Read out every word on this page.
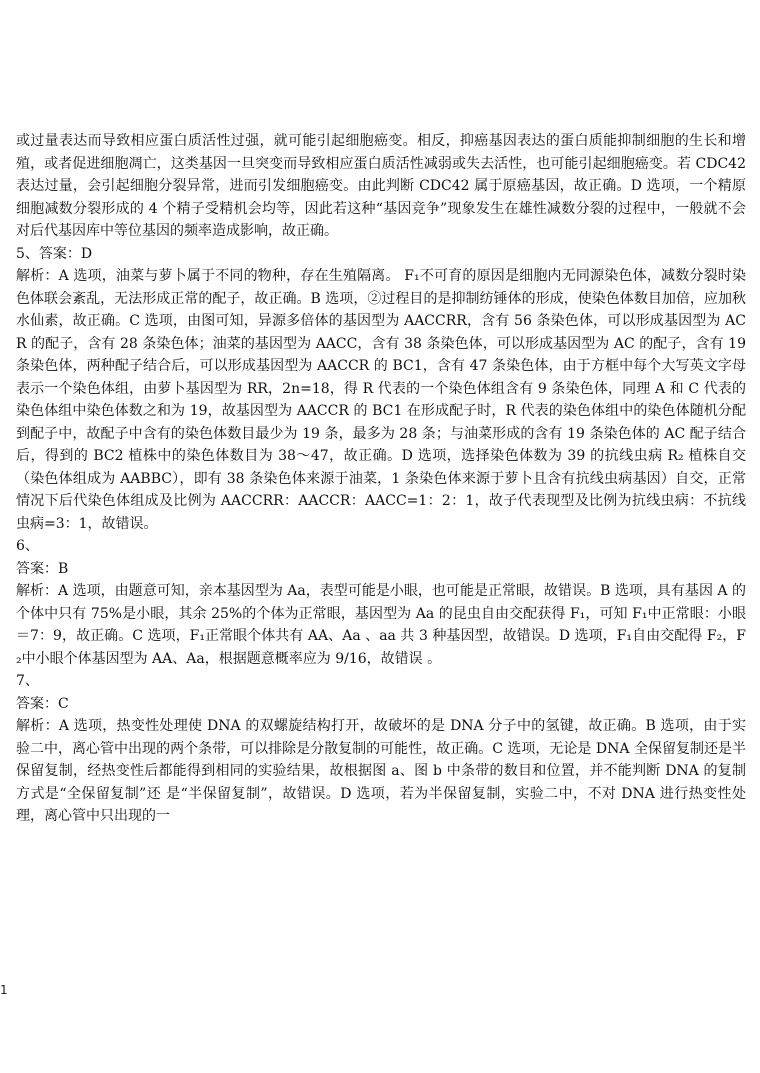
或过量表达而导致相应蛋白质活性过强，就可能引起细胞癌变。相反，抑癌基因表达的蛋白质能抑制细胞的生长和增殖，或者促进细胞凋亡，这类基因一旦突变而导致相应蛋白质活性减弱或失去活性，也可能引起细胞癌变。若 CDC42 表达过量，会引起细胞分裂异常，进而引发细胞癌变。由此判断 CDC42 属于原癌基因，故正确。D 选项，一个精原细胞减数分裂形成的 4 个精子受精机会均等，因此若这种“基因竞争”现象发生在雄性减数分裂的过程中，一般就不会对后代基因库中等位基因的频率造成影响，故正确。

5、答案：D

解析：A 选项，油菜与萝卜属于不同的物种，存在生殖隔离。 F₁不可育的原因是细胞内无同源染色体，减数分裂时染色体联会紊乱，无法形成正常的配子，故正确。B 选项，②过程目的是抑制纺锤体的形成，使染色体数目加倍，应加秋水仙素，故正确。C 选项，由图可知，异源多倍体的基因型为 AACCRR，含有 56 条染色体，可以形成基因型为 ACR 的配子，含有 28 条染色体；油菜的基因型为 AACC，含有 38 条染色体，可以形成基因型为 AC 的配子，含有 19 条染色体，两种配子结合后，可以形成基因型为 AACCR 的 BC1，含有 47 条染色体，由于方框中每个大写英文字母表示一个染色体组，由萝卜基因型为 RR，2n=18，得 R 代表的一个染色体组含有 9 条染色体，同理 A 和 C 代表的染色体组中染色体数之和为 19，故基因型为 AACCR 的 BC1 在形成配子时，R 代表的染色体组中的染色体随机分配到配子中，故配子中含有的染色体数目最少为 19 条，最多为 28 条；与油菜形成的含有 19 条染色体的 AC 配子结合后，得到的 BC2 植株中的染色体数目为 38～47，故正确。D 选项，选择染色体数为 39 的抗线虫病 R₂ 植株自交（染色体组成为 AABBC），即有 38 条染色体来源于油菜，1 条染色体来源于萝卜且含有抗线虫病基因）自交，正常情况下后代染色体组成及比例为 AACCRR：AACCR：AACC=1：2：1，故子代表现型及比例为抗线虫病：不抗线虫病=3：1，故错误。

6、

答案：B

解析：A 选项，由题意可知，亲本基因型为 Aa，表型可能是小眼，也可能是正常眼，故错误。B 选项，具有基因 A 的个体中只有 75%是小眼，其余 25%的个体为正常眼，基因型为 Aa 的昆虫自由交配获得 F₁，可知 F₁中正常眼：小眼＝7：9，故正确。C 选项，F₁正常眼个体共有 AA、Aa 、aa 共 3 种基因型，故错误。D 选项，F₁自由交配得 F₂，F₂中小眼个体基因型为 AA、Aa，根据题意概率应为 9/16，故错误 。

7、

答案：C

解析：A 选项，热变性处理使 DNA 的双螺旋结构打开，故破坏的是 DNA 分子中的氢键，故正确。B 选项，由于实验二中，离心管中出现的两个条带，可以排除是分散复制的可能性，故正确。C 选项，无论是 DNA 全保留复制还是半保留复制，经热变性后都能得到相同的实验结果，故根据图 a、图 b 中条带的数目和位置，并不能判断 DNA 的复制方式是“全保留复制”还 是“半保留复制”，故错误。D 选项，若为半保留复制，实验二中，不对 DNA 进行热变性处理，离心管中只出现的一

1
